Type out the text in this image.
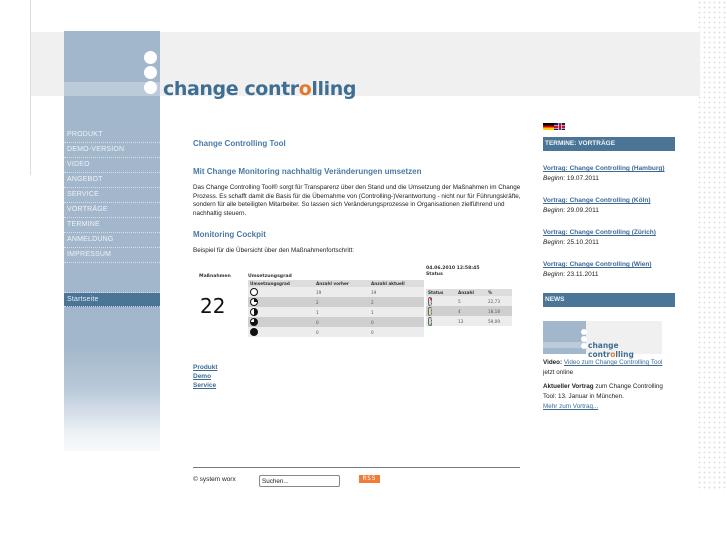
change controlling
PRODUKT
DEMO-VERSION
VIDEO
ANGEBOT
SERVICE
VORTRÄGE
TERMINE
ANMELDUNG
IMPRESSUM
Startseite
Change Controlling Tool
Mit Change Monitoring nachhaltig Veränderungen umsetzen

Das Change Controlling Tool® sorgt für Transparenz über den Stand und die Umsetzung der Maßnahmen im Change Prozess. Es schafft damit die Basis für die Übernahme von (Controlling-)Verantwortung - nicht nur für Führungskräfte, sondern für alle beteiligten Mitarbeiter. So lassen sich Veränderungsprozesse in Organisationen zielführend und nachhaltig steuern.

Monitoring Cockpit

Beispiel für die Übersicht über den Maßnahmenfortschritt:

Maßnahmen
22
Umsetzungsgrad
04.06.2010 12:58:45
Status
Umsetzungsgrad	Anzahl vorher	Anzahl aktuell
	19	19
	2	2
	1	1
	0	0
	0	0
Status	Anzahl	%

	5	22,73

	4	18,18

	13	59,09
Produkt
Demo
Service
© system worx
Suchen...	RSS
TERMINE: VORTRÄGE
Vortrag: Change Controlling (Hamburg)
Beginn: 19.07.2011
Vortrag: Change Controlling (Köln)
Beginn: 29.09.2011
Vortrag: Change Controlling (Zürich)
Beginn: 25.10.2011
Vortrag: Change Controlling (Wien)
Beginn: 23.11.2011
NEWS
change controlling

Video: Video zum Change Controlling Tool jetzt online

Aktueller Vortrag zum Change Controlling Tool: 13. Januar in München.
Mehr zum Vortrag...
